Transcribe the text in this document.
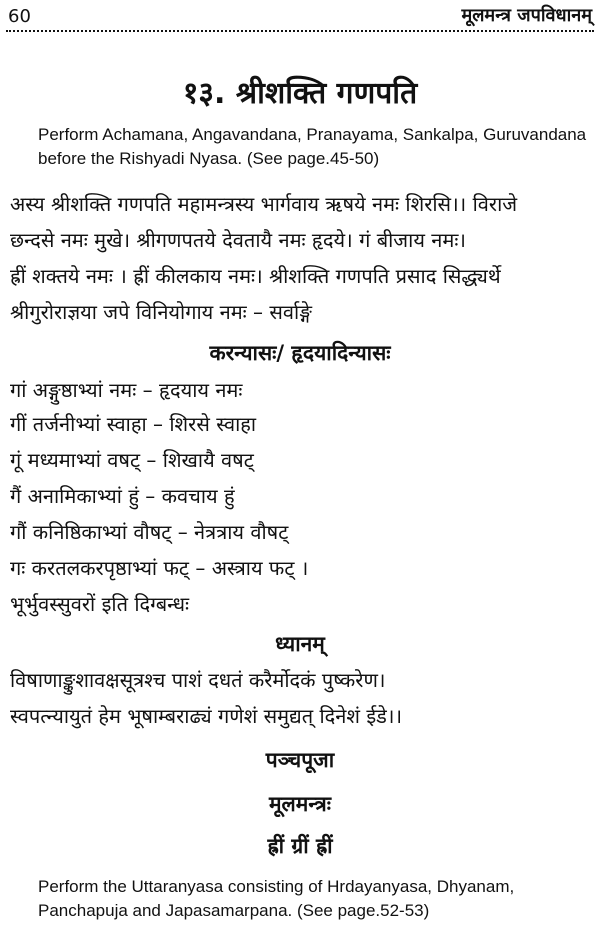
60	मूलमन्त्र जपविधानम्
१३. श्रीशक्ति गणपति
Perform Achamana, Angavandana, Pranayama, Sankalpa, Guruvandana
before the Rishyadi Nyasa. (See page.45-50)
अस्य श्रीशक्ति गणपति महामन्त्रस्य भार्गवाय ऋषये नमः शिरसि।। विराजे
छन्दसे नमः मुखे। श्रीगणपतये देवतायै नमः हृदये। गं बीजाय नमः।
ह्रीं शक्तये नमः । ह्रीं कीलकाय नमः। श्रीशक्ति गणपति प्रसाद सिद्ध्यर्थे
श्रीगुरोराज्ञया जपे विनियोगाय नमः – सर्वाङ्गे
करन्यासः/ हृदयादिन्यासः
गां अङ्गुष्ठाभ्यां नमः – हृदयाय नमः
गीं तर्जनीभ्यां स्वाहा – शिरसे स्वाहा
गूं मध्यमाभ्यां वषट् – शिखायै वषट्
गैं अनामिकाभ्यां हुं – कवचाय हुं
गौं कनिष्ठिकाभ्यां वौषट् – नेत्रत्राय वौषट्
गः करतलकरपृष्ठाभ्यां फट् – अस्त्राय फट् ।
भूर्भुवस्सुवरों इति दिग्बन्धः
ध्यानम्
विषाणाङ्कुशावक्षसूत्रश्च पाशं दधतं करैर्मोदकं पुष्करेण।
स्वपत्न्यायुतं हेम भूषाम्बराढ्यं गणेशं समुद्यत् दिनेशं ईडे।।
पञ्चपूजा
मूलमन्त्रः
ह्रीं ग्रीं ह्रीं
Perform the Uttaranyasa consisting of Hrdayanyasa, Dhyanam,
Panchapuja and Japasamarpana. (See page.52-53)
